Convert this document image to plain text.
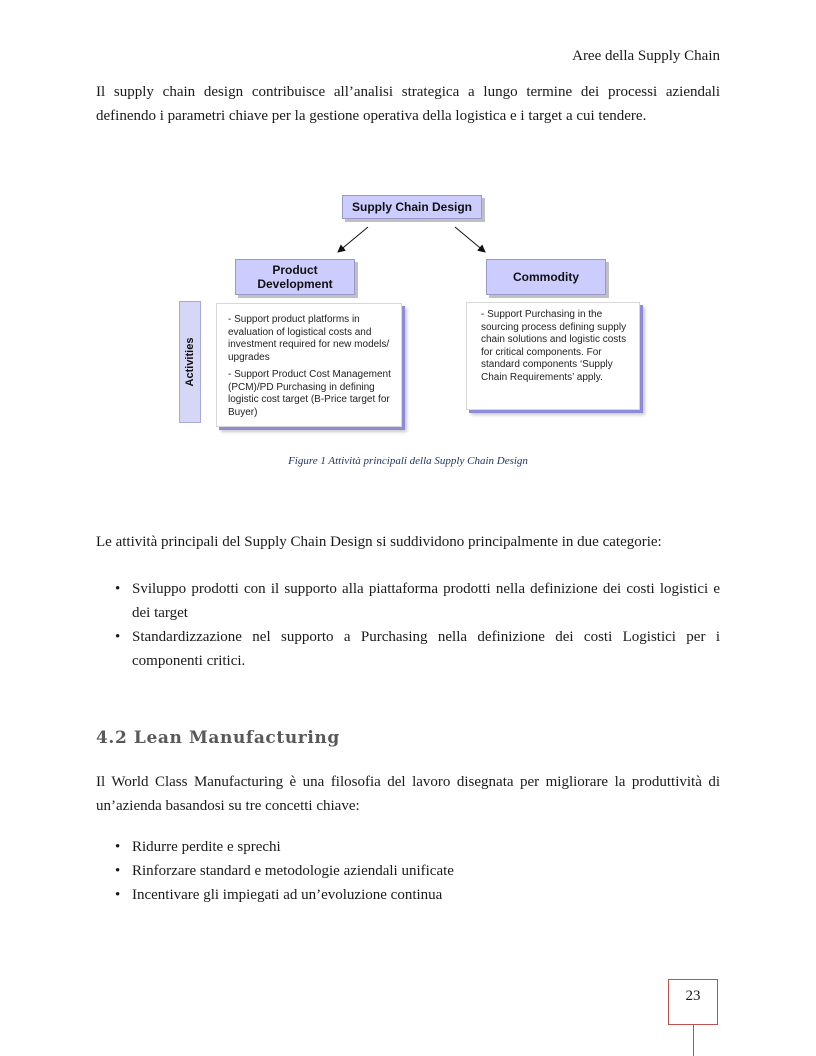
Aree della Supply Chain

Il supply chain design contribuisce all’analisi strategica a lungo termine dei processi aziendali definendo i parametri chiave per la gestione operativa della logistica e i target a cui tendere.

Supply Chain Design
Product Development	Commodity
Activities

- Support product platforms in evaluation of logistical costs and investment required for new models/ upgrades

- Support Product Cost Management (PCM)/PD Purchasing in defining logistic cost target (B-Price target for Buyer)

- Support Purchasing in the sourcing process defining supply chain solutions and logistic costs for critical components. For standard components ‘Supply Chain Requirements’ apply.

Figure 1 Attività principali della Supply Chain Design

Le attività principali del Supply Chain Design si suddividono principalmente in due categorie:

• Sviluppo prodotti con il supporto alla piattaforma prodotti nella definizione dei costi logistici e dei target
• Standardizzazione nel supporto a Purchasing nella definizione dei costi Logistici per i componenti critici.
4.2 Lean Manufacturing

Il World Class Manufacturing è una filosofia del lavoro disegnata per migliorare la produttività di un’azienda basandosi su tre concetti chiave:

• Ridurre perdite e sprechi
• Rinforzare standard e metodologie aziendali unificate
• Incentivare gli impiegati ad un’evoluzione continua
23
